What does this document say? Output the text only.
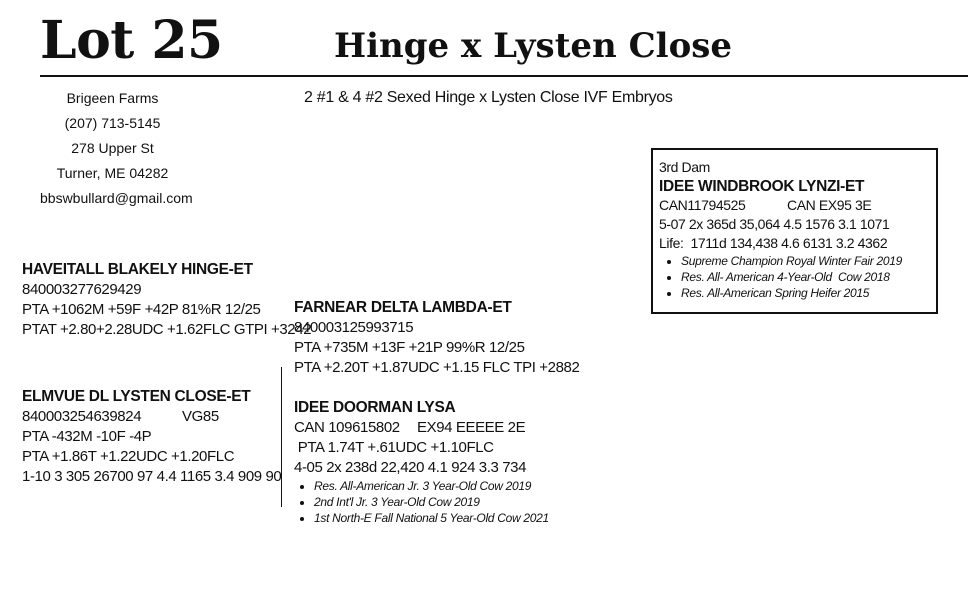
Lot 25	Hinge x Lysten Close
Brigeen Farms
(207) 713-5145
278 Upper St
Turner, ME 04282
bbswbullard@gmail.com
2 #1 & 4 #2 Sexed Hinge x Lysten Close IVF Embryos
HAVEITALL BLAKELY HINGE-ET
840003277629429
PTA +1062M +59F +42P 81%R 12/25
PTAT +2.80+2.28UDC +1.62FLC GTPI +3242
ELMVUE DL LYSTEN CLOSE-ET
840003254639824	VG85
PTA -432M -10F -4P
PTA +1.86T +1.22UDC +1.20FLC
1-10 3 305 26700 97 4.4 1165 3.4 909 90
FARNEAR DELTA LAMBDA-ET
840003125993715
PTA +735M +13F +21P 99%R 12/25
PTA +2.20T +1.87UDC +1.15 FLC TPI +2882
IDEE DOORMAN LYSA
CAN 109615802 EX94 EEEEE 2E
PTA 1.74T +.61UDC +1.10FLC
4-05 2x 238d 22,420 4.1 924 3.3 734
• Res. All-American Jr. 3 Year-Old Cow 2019
• 2nd Int'l Jr. 3 Year-Old Cow 2019
• 1st North-E Fall National 5 Year-Old Cow 2021
3rd Dam
IDEE WINDBROOK LYNZI-ET
CAN11794525	CAN EX95 3E
5-07 2x 365d 35,064 4.5 1576 3.1 1071
Life:  1711d 134,438 4.6 6131 3.2 4362
• Supreme Champion Royal Winter Fair 2019
• Res. All- American 4-Year-Old  Cow 2018
• Res. All-American Spring Heifer 2015
